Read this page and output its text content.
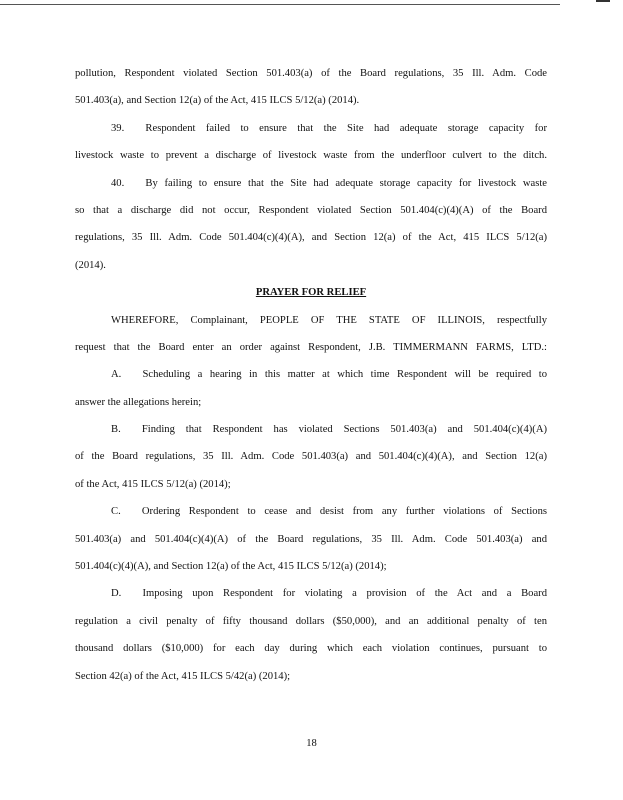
pollution, Respondent violated Section 501.403(a) of the Board regulations, 35 Ill. Adm. Code
501.403(a), and Section 12(a) of the Act, 415 ILCS 5/12(a) (2014).
39.  Respondent failed to ensure that the Site had adequate storage capacity for
livestock waste to prevent a discharge of livestock waste from the underfloor culvert to the ditch.
40.  By failing to ensure that the Site had adequate storage capacity for livestock waste
so that a discharge did not occur, Respondent violated Section 501.404(c)(4)(A) of the Board
regulations, 35 Ill. Adm. Code 501.404(c)(4)(A), and Section 12(a) of the Act, 415 ILCS 5/12(a)
(2014).
PRAYER FOR RELIEF
WHEREFORE, Complainant, PEOPLE OF THE STATE OF ILLINOIS, respectfully
request that the Board enter an order against Respondent, J.B. TIMMERMANN FARMS, LTD.:
A.  Scheduling a hearing in this matter at which time Respondent will be required to
answer the allegations herein;
B.  Finding that Respondent has violated Sections 501.403(a) and 501.404(c)(4)(A)
of the Board regulations, 35 Ill. Adm. Code 501.403(a) and 501.404(c)(4)(A), and Section 12(a)
of the Act, 415 ILCS 5/12(a) (2014);
C.  Ordering Respondent to cease and desist from any further violations of Sections
501.403(a) and 501.404(c)(4)(A) of the Board regulations, 35 Ill. Adm. Code 501.403(a) and
501.404(c)(4)(A), and Section 12(a) of the Act, 415 ILCS 5/12(a) (2014);
D.  Imposing upon Respondent for violating a provision of the Act and a Board
regulation a civil penalty of fifty thousand dollars ($50,000), and an additional penalty of ten
thousand dollars ($10,000) for each day during which each violation continues, pursuant to
Section 42(a) of the Act, 415 ILCS 5/42(a) (2014);
18
